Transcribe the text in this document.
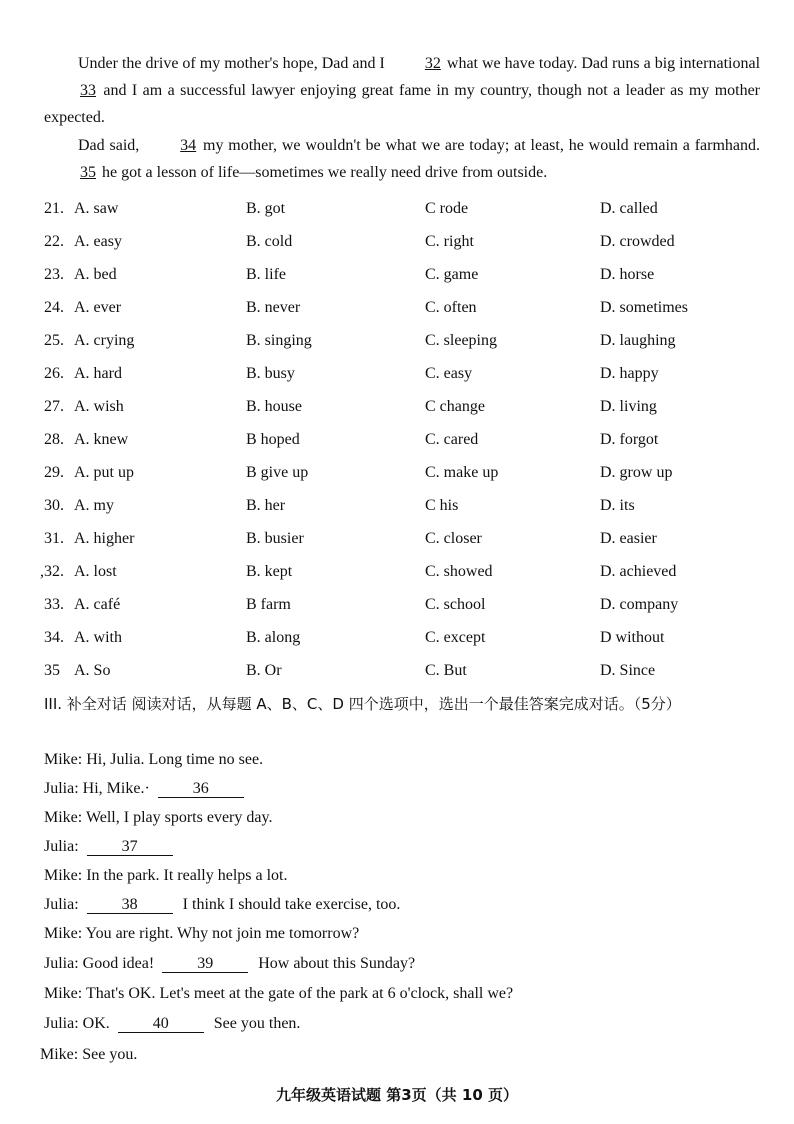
Under the drive of my mother's hope, Dad and I	32 what we have today. Dad runs a big international 33 and I am a successful lawyer enjoying great fame in my country, though not a leader as my mother expected.
Dad said,	34 my mother, we wouldn't be what we are today; at least, he would remain a farmhand. 35 he got a lesson of life—sometimes we really need drive from outside.
21. A. saw	B. got	C rode	D. called
22. A. easy	B. cold	C. right	D. crowded
23. A. bed	B. life	C. game	D. horse
24. A. ever	B. never	C. often	D. sometimes
25. A. crying	B. singing	C. sleeping	D. laughing
26. A. hard	B. busy	C. easy	D. happy
27. A. wish	B. house	C change	D. living
28. A. knew	B hoped	C. cared	D. forgot
29. A. put up	B give up	C. make up	D. grow up
30. A. my	B. her	C his	D. its
31. A. higher	B. busier	C. closer	D. easier
,32. A. lost	B. kept	C. showed	D. achieved
33. A. café	B farm	C. school	D. company
34. A. with	B. along	C. except	D without
35 A. So	B. Or	C. But	D. Since
III. 补全对话 阅读对话，从每题 A、B、C、D 四个选项中，选出一个最佳答案完成对话。（5分）
Mike: Hi, Julia. Long time no see.
Julia: Hi, Mike.·	36
Mike: Well, I play sports every day.
Julia:	37
Mike: In the park. It really helps a lot.
Julia:	38	I think I should take exercise, too.
Mike: You are right. Why not join me tomorrow?
Julia: Good idea!	39	How about this Sunday?
Mike: That's OK. Let's meet at the gate of the park at 6 o'clock, shall we?
Julia: OK.	40	See you then.
Mike: See you.
九年级英语试题 第3页（共 10 页）
